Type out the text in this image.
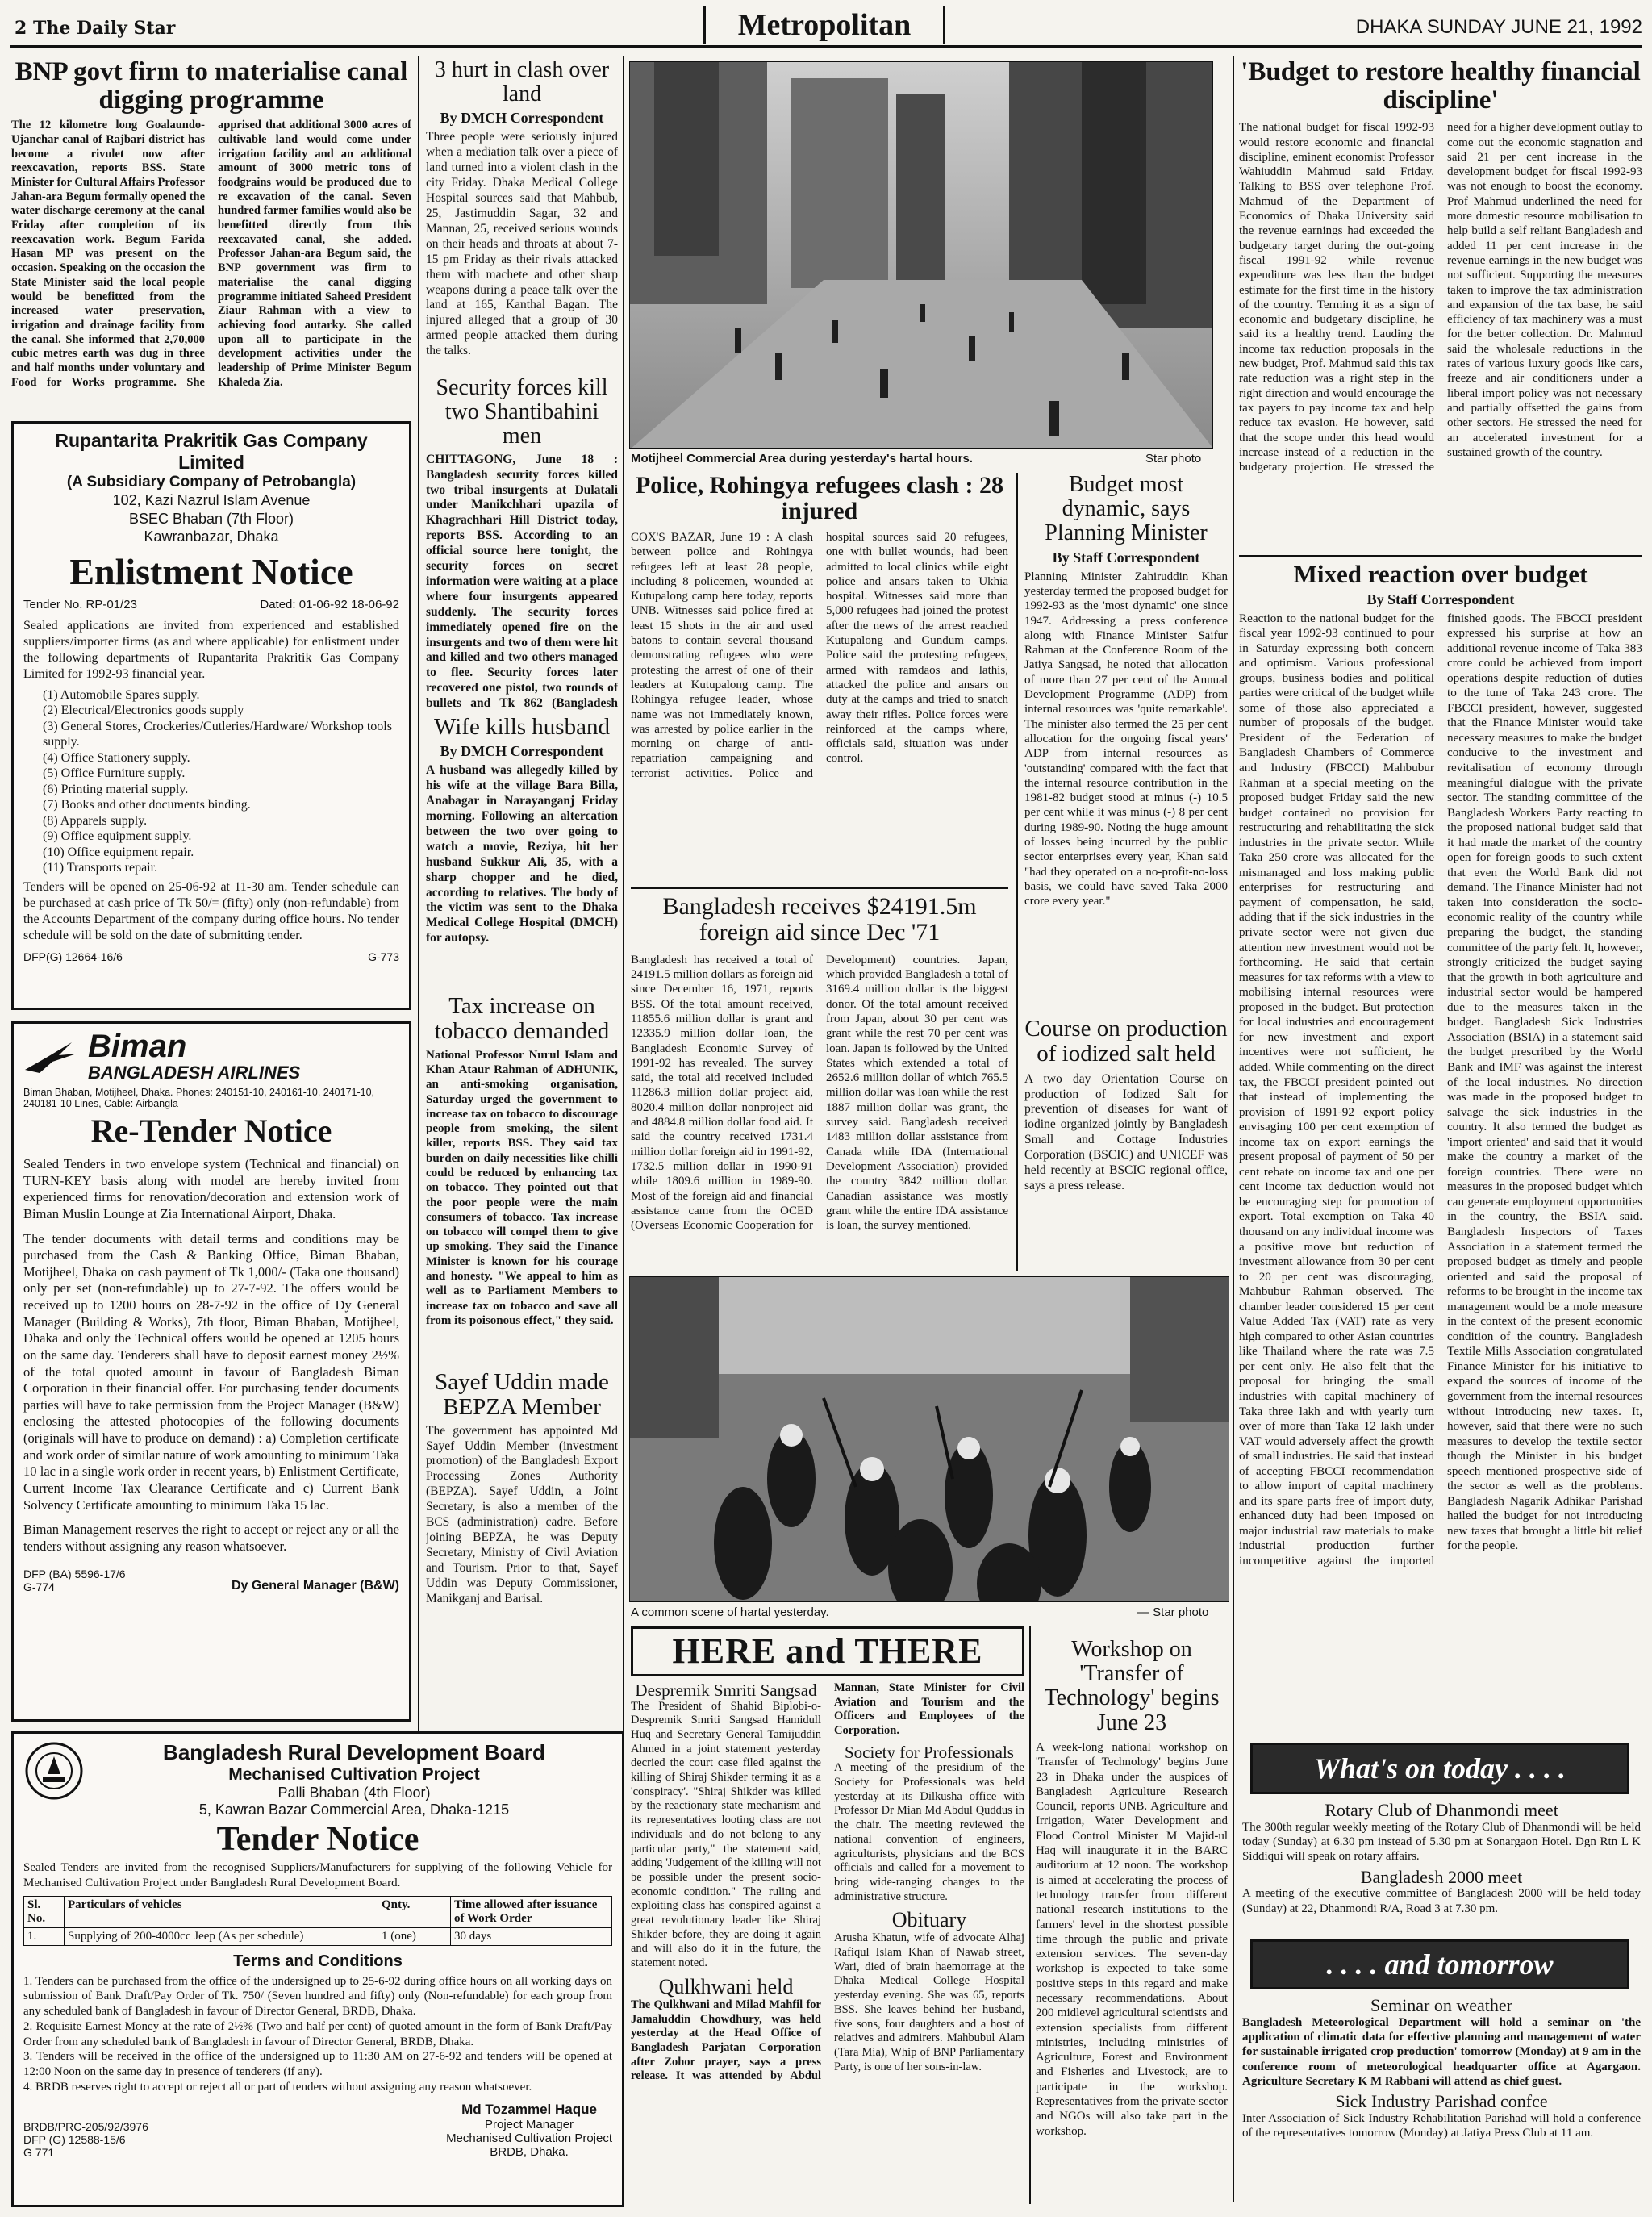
2 The Daily Star	Metropolitan	DHAKA SUNDAY JUNE 21, 1992
BNP govt firm to materialise canal digging programme
The 12 kilometre long Goalaundo-Ujanchar canal of Rajbari district has become a rivulet now after reexcavation, reports BSS. State Minister for Cultural Affairs Professor Jahan-ara Begum formally opened the water discharge ceremony at the canal Friday after completion of its reexcavation work. Begum Farida Hasan MP was present on the occasion. Speaking on the occasion the State Minister said the local people would be benefitted from the increased water preservation, irrigation and drainage facility from the canal. She informed that 2,70,000 cubic metres earth was dug in three and half months under voluntary and Food for Works programme. She apprised that additional 3000 acres of cultivable land would come under irrigation facility and an additional amount of 3000 metric tons of foodgrains would be produced due to re excavation of the canal. Seven hundred farmer families would also be benefitted directly from this reexcavated canal, she added. Professor Jahan-ara Begum said, the BNP government was firm to materialise the canal digging programme initiated Saheed President Ziaur Rahman with a view to achieving food autarky. She called upon all to participate in the development activities under the leadership of Prime Minister Begum Khaleda Zia.
Rupantarita Prakritik Gas Company Limited
(A Subsidiary Company of Petrobangla)
102, Kazi Nazrul Islam Avenue
BSEC Bhaban (7th Floor)
Kawranbazar, Dhaka
Enlistment Notice
Tender No. RP-01/23	Dated: 01-06-92 18-06-92
Sealed applications are invited from experienced and established suppliers/importer firms (as and where applicable) for enlistment under the following departments of Rupantarita Prakritik Gas Company Limited for 1992-93 financial year.
(1) Automobile Spares supply.
(2) Electrical/Electronics goods supply
(3) General Stores, Crockeries/Cutleries/Hardware/ Workshop tools supply.
(4) Office Stationery supply.
(5) Office Furniture supply.
(6) Printing material supply.
(7) Books and other documents binding.
(8) Apparels supply.
(9) Office equipment supply.
(10) Office equipment repair.
(11) Transports repair.
Tenders will be opened on 25-06-92 at 11-30 am. Tender schedule can be purchased at cash price of Tk 50/= (fifty) only (non-refundable) from the Accounts Department of the company during office hours. No tender schedule will be sold on the date of submitting tender.
DFP(G) 12664-16/6	G-773
Biman
BANGLADESH AIRLINES
Biman Bhaban, Motijheel, Dhaka. Phones: 240151-10, 240161-10, 240171-10, 240181-10 Lines, Cable: Airbangla
Re-Tender Notice
Sealed Tenders in two envelope system (Technical and financial) on TURN-KEY basis along with model are hereby invited from experienced firms for renovation/decoration and extension work of Biman Muslin Lounge at Zia International Airport, Dhaka.
The tender documents with detail terms and conditions may be purchased from the Cash & Banking Office, Biman Bhaban, Motijheel, Dhaka on cash payment of Tk 1,000/- (Taka one thousand) only per set (non-refundable) up to 27-7-92. The offers would be received up to 1200 hours on 28-7-92 in the office of Dy General Manager (Building & Works), 7th floor, Biman Bhaban, Motijheel, Dhaka and only the Technical offers would be opened at 1205 hours on the same day. Tenderers shall have to deposit earnest money 2½% of the total quoted amount in favour of Bangladesh Biman Corporation in their financial offer. For purchasing tender documents parties will have to take permission from the Project Manager (B&W) enclosing the attested photocopies of the following documents (originals will have to produce on demand) : a) Completion certificate and work order of similar nature of work amounting to minimum Taka 10 lac in a single work order in recent years, b) Enlistment Certificate, Current Income Tax Clearance Certificate and c) Current Bank Solvency Certificate amounting to minimum Taka 15 lac.
Biman Management reserves the right to accept or reject any or all the tenders without assigning any reason whatsoever.
DFP (BA) 5596-17/6
G-774	Dy General Manager (B&W)
Bangladesh Rural Development Board
Mechanised Cultivation Project
Palli Bhaban (4th Floor)
5, Kawran Bazar Commercial Area, Dhaka-1215
Tender Notice
Sealed Tenders are invited from the recognised Suppliers/Manufacturers for supplying of the following Vehicle for Mechanised Cultivation Project under Bangladesh Rural Development Board.
Sl. No.	Particulars of vehicles	Qnty.	Time allowed after issuance of Work Order
1.	Supplying of 200-4000cc Jeep (As per schedule)	1 (one)	30 days
Terms and Conditions
1. Tenders can be purchased from the office of the undersigned up to 25-6-92 during office hours on all working days on submission of Bank Draft/Pay Order of Tk. 750/ (Seven hundred and fifty) only (Non-refundable) for each group from any scheduled bank of Bangladesh in favour of Director General, BRDB, Dhaka.
2. Requisite Earnest Money at the rate of 2½% (Two and half per cent) of quoted amount in the form of Bank Draft/Pay Order from any scheduled bank of Bangladesh in favour of Director General, BRDB, Dhaka.
3. Tenders will be received in the office of the undersigned up to 11:30 AM on 27-6-92 and tenders will be opened at 12:00 Noon on the same day in presence of tenderers (if any).
4. BRDB reserves right to accept or reject all or part of tenders without assigning any reason whatsoever.
BRDB/PRC-205/92/3976
DFP (G) 12588-15/6
G 771
Md Tozammel Haque
Project Manager
Mechanised Cultivation Project
BRDB, Dhaka.
3 hurt in clash over land
By DMCH Correspondent
Three people were seriously injured when a mediation talk over a piece of land turned into a violent clash in the city Friday. Dhaka Medical College Hospital sources said that Mahbub, 25, Jastimuddin Sagar, 32 and Mannan, 25, received serious wounds on their heads and throats at about 7-15 pm Friday as their rivals attacked them with machete and other sharp weapons during a peace talk over the land at 165, Kanthal Bagan. The injured alleged that a group of 30 armed people attacked them during the talks.
Security forces kill two Shantibahini men
CHITTAGONG, June 18 : Bangladesh security forces killed two tribal insurgents at Dulatali under Manikchhari upazila of Khagrachhari Hill District today, reports BSS. According to an official source here tonight, the security forces on secret information were waiting at a place where four insurgents appeared suddenly. The security forces immediately opened fire on the insurgents and two of them were hit and killed and two others managed to flee. Security forces later recovered one pistol, two rounds of bullets and Tk 862 (Bangladesh
Wife kills husband
By DMCH Correspondent
A husband was allegedly killed by his wife at the village Bara Billa, Anabagar in Narayanganj Friday morning. Following an altercation between the two over going to watch a movie, Reziya, hit her husband Sukkur Ali, 35, with a sharp chopper and he died, according to relatives. The body of the victim was sent to the Dhaka Medical College Hospital (DMCH) for autopsy.
Tax increase on tobacco demanded
National Professor Nurul Islam and Khan Ataur Rahman of ADHUNIK, an anti-smoking organisation, Saturday urged the government to increase tax on tobacco to discourage people from smoking, the silent killer, reports BSS. They said tax burden on daily necessities like chilli could be reduced by enhancing tax on tobacco. They pointed out that the poor people were the main consumers of tobacco. Tax increase on tobacco will compel them to give up smoking. They said the Finance Minister is known for his courage and honesty. "We appeal to him as well as to Parliament Members to increase tax on tobacco and save all from its poisonous effect," they said.
Sayef Uddin made BEPZA Member
The government has appointed Md Sayef Uddin Member (investment promotion) of the Bangladesh Export Processing Zones Authority (BEPZA). Sayef Uddin, a Joint Secretary, is also a member of the BCS (administration) cadre. Before joining BEPZA, he was Deputy Secretary, Ministry of Civil Aviation and Tourism. Prior to that, Sayef Uddin was Deputy Commissioner, Manikganj and Barisal.
Motijheel Commercial Area during yesterday's hartal hours.	Star photo
Police, Rohingya refugees clash : 28 injured
COX'S BAZAR, June 19 : A clash between police and Rohingya refugees left at least 28 people, including 8 policemen, wounded at Kutupalong camp here today, reports UNB. Witnesses said police fired at least 15 shots in the air and used batons to contain several thousand demonstrating refugees who were protesting the arrest of one of their leaders at Kutupalong camp. The Rohingya refugee leader, whose name was not immediately known, was arrested by police earlier in the morning on charge of anti-repatriation campaigning and terrorist activities. Police and hospital sources said 20 refugees, one with bullet wounds, had been admitted to local clinics while eight police and ansars taken to Ukhia hospital. Witnesses said more than 5,000 refugees had joined the protest after the news of the arrest reached Kutupalong and Gundum camps. Police said the protesting refugees, armed with ramdaos and lathis, attacked the police and ansars on duty at the camps and tried to snatch away their rifles. Police forces were reinforced at the camps where, officials said, situation was under control.
Bangladesh receives $24191.5m foreign aid since Dec '71
Bangladesh has received a total of 24191.5 million dollars as foreign aid since December 16, 1971, reports BSS. Of the total amount received, 11855.6 million dollar is grant and 12335.9 million dollar loan, the Bangladesh Economic Survey of 1991-92 has revealed. The survey said, the total aid received included 11286.3 million dollar project aid, 8020.4 million dollar nonproject aid and 4884.8 million dollar food aid. It said the country received 1731.4 million dollar foreign aid in 1991-92, 1732.5 million dollar in 1990-91 while 1809.6 million in 1989-90. Most of the foreign aid and financial assistance came from the OCED (Overseas Economic Cooperation for Development) countries. Japan, which provided Bangladesh a total of 3169.4 million dollar is the biggest donor. Of the total amount received from Japan, about 30 per cent was grant while the rest 70 per cent was loan. Japan is followed by the United States which extended a total of 2652.6 million dollar of which 765.5 million dollar was loan while the rest 1887 million dollar was grant, the survey said. Bangladesh received 1483 million dollar assistance from Canada while IDA (International Development Association) provided the country 3842 million dollar. Canadian assistance was mostly grant while the entire IDA assistance is loan, the survey mentioned.
Budget most dynamic, says Planning Minister
By Staff Correspondent
Planning Minister Zahiruddin Khan yesterday termed the proposed budget for 1992-93 as the 'most dynamic' one since 1947. Addressing a press conference along with Finance Minister Saifur Rahman at the Conference Room of the Jatiya Sangsad, he noted that allocation of more than 27 per cent of the Annual Development Programme (ADP) from internal resources was 'quite remarkable'. The minister also termed the 25 per cent allocation for the ongoing fiscal years' ADP from internal resources as 'outstanding' compared with the fact that the internal resource contribution in the 1981-82 budget stood at minus (-) 10.5 per cent while it was minus (-) 8 per cent during 1989-90. Noting the huge amount of losses being incurred by the public sector enterprises every year, Khan said "had they operated on a no-profit-no-loss basis, we could have saved Taka 2000 crore every year."
Course on production of iodized salt held
A two day Orientation Course on production of Iodized Salt for prevention of diseases for want of iodine organized jointly by Bangladesh Small and Cottage Industries Corporation (BSCIC) and UNICEF was held recently at BSCIC regional office, says a press release.
A common scene of hartal yesterday.	— Star photo
HERE and THERE
Despremik Smriti Sangsad
The President of Shahid Biplobi-o-Despremik Smriti Sangsad Hamidull Huq and Secretary General Tamijuddin Ahmed in a joint statement yesterday decried the court case filed against the killing of Shiraj Shikder terming it as a 'conspiracy'. "Shiraj Shikder was killed by the reactionary state mechanism and its representatives looting class are not individuals and do not belong to any particular party," the statement said, adding 'Judgement of the killing will not be possible under the present socio-economic condition." The ruling and exploiting class has conspired against a great revolutionary leader like Shiraj Shikder before, they are doing it again and will also do it in the future, the statement noted.
Qulkhwani held
The Qulkhwani and Milad Mahfil for Jamaluddin Chowdhury, was held yesterday at the Head Office of Bangladesh Parjatan Corporation after Zohor prayer, says a press release. It was attended by Abdul Mannan, State Minister for Civil Aviation and Tourism and the Officers and Employees of the Corporation.
Society for Professionals
A meeting of the presidium of the Society for Professionals was held yesterday at its Dilkusha office with Professor Dr Mian Md Abdul Quddus in the chair. The meeting reviewed the national convention of engineers, agriculturists, physicians and the BCS officials and called for a movement to bring wide-ranging changes to the administrative structure.
Obituary
Arusha Khatun, wife of advocate Alhaj Rafiqul Islam Khan of Nawab street, Wari, died of brain haemorrage at the Dhaka Medical College Hospital yesterday evening. She was 65, reports BSS. She leaves behind her husband, five sons, four daughters and a host of relatives and admirers. Mahbubul Alam (Tara Mia), Whip of BNP Parliamentary Party, is one of her sons-in-law.
Workshop on 'Transfer of Technology' begins June 23
A week-long national workshop on 'Transfer of Technology' begins June 23 in Dhaka under the auspices of Bangladesh Agriculture Research Council, reports UNB. Agriculture and Irrigation, Water Development and Flood Control Minister M Majid-ul Haq will inaugurate it in the BARC auditorium at 12 noon. The workshop is aimed at accelerating the process of technology transfer from different national research institutions to the farmers' level in the shortest possible time through the public and private extension services. The seven-day workshop is expected to take some positive steps in this regard and make necessary recommendations. About 200 midlevel agricultural scientists and extension specialists from different ministries, including ministries of Agriculture, Forest and Environment and Fisheries and Livestock, are to participate in the workshop. Representatives from the private sector and NGOs will also take part in the workshop.
'Budget to restore healthy financial discipline'
The national budget for fiscal 1992-93 would restore economic and financial discipline, eminent economist Professor Wahiuddin Mahmud said Friday. Talking to BSS over telephone Prof. Mahmud of the Department of Economics of Dhaka University said the revenue earnings had exceeded the budgetary target during the out-going fiscal 1991-92 while revenue expenditure was less than the budget estimate for the first time in the history of the country. Terming it as a sign of economic and budgetary discipline, he said its a healthy trend. Lauding the income tax reduction proposals in the new budget, Prof. Mahmud said this tax rate reduction was a right step in the right direction and would encourage the tax payers to pay income tax and help reduce tax evasion. He however, said that the scope under this head would increase instead of a reduction in the budgetary projection. He stressed the need for a higher development outlay to come out the economic stagnation and said 21 per cent increase in the development budget for fiscal 1992-93 was not enough to boost the economy. Prof Mahmud underlined the need for more domestic resource mobilisation to help build a self reliant Bangladesh and added 11 per cent increase in the revenue earnings in the new budget was not sufficient. Supporting the measures taken to improve the tax administration and expansion of the tax base, he said efficiency of tax machinery was a must for the better collection. Dr. Mahmud said the wholesale reductions in the rates of various luxury goods like cars, freeze and air conditioners under a liberal import policy was not necessary and partially offsetted the gains from other sectors. He stressed the need for an accelerated investment for a sustained growth of the country.
Mixed reaction over budget
By Staff Correspondent
Reaction to the national budget for the fiscal year 1992-93 continued to pour in Saturday expressing both concern and optimism. Various professional groups, business bodies and political parties were critical of the budget while some of those also appreciated a number of proposals of the budget. President of the Federation of Bangladesh Chambers of Commerce and Industry (FBCCI) Mahbubur Rahman at a special meeting on the proposed budget Friday said the new budget contained no provision for restructuring and rehabilitating the sick industries in the private sector. While Taka 250 crore was allocated for the mismanaged and loss making public enterprises for restructuring and payment of compensation, he said, adding that if the sick industries in the private sector were not given due attention new investment would not be forthcoming. He said that certain measures for tax reforms with a view to mobilising internal resources were proposed in the budget. But protection for local industries and encouragement for new investment and export incentives were not sufficient, he added. While commenting on the direct tax, the FBCCI president pointed out that instead of implementing the provision of 1991-92 export policy envisaging 100 per cent exemption of income tax on export earnings the present proposal of payment of 50 per cent rebate on income tax and one per cent income tax deduction would not be encouraging step for promotion of export. Total exemption on Taka 40 thousand on any individual income was a positive move but reduction of investment allowance from 30 per cent to 20 per cent was discouraging, Mahbubur Rahman observed. The chamber leader considered 15 per cent Value Added Tax (VAT) rate as very high compared to other Asian countries like Thailand where the rate was 7.5 per cent only. He also felt that the proposal for bringing the small industries with capital machinery of Taka three lakh and with yearly turn over of more than Taka 12 lakh under VAT would adversely affect the growth of small industries. He said that instead of accepting FBCCI recommendation to allow import of capital machinery and its spare parts free of import duty, enhanced duty had been imposed on major industrial raw materials to make industrial production further incompetitive against the imported finished goods. The FBCCI president expressed his surprise at how an additional revenue income of Taka 383 crore could be achieved from import operations despite reduction of duties to the tune of Taka 243 crore. The FBCCI president, however, suggested that the Finance Minister would take necessary measures to make the budget conducive to the investment and revitalisation of economy through meaningful dialogue with the private sector. The standing committee of the Bangladesh Workers Party reacting to the proposed national budget said that it had made the market of the country open for foreign goods to such extent that even the World Bank did not demand. The Finance Minister had not taken into consideration the socio-economic reality of the country while preparing the budget, the standing committee of the party felt. It, however, strongly criticized the budget saying that the growth in both agriculture and industrial sector would be hampered due to the measures taken in the budget. Bangladesh Sick Industries Association (BSIA) in a statement said the budget prescribed by the World Bank and IMF was against the interest of the local industries. No direction was made in the proposed budget to salvage the sick industries in the country. It also termed the budget as 'import oriented' and said that it would make the country a market of the foreign countries. There were no measures in the proposed budget which can generate employment opportunities in the country, the BSIA said. Bangladesh Inspectors of Taxes Association in a statement termed the proposed budget as timely and people oriented and said the proposal of reforms to be brought in the income tax management would be a mole measure in the context of the present economic condition of the country. Bangladesh Textile Mills Association congratulated Finance Minister for his initiative to expand the sources of income of the government from the internal resources without introducing new taxes. It, however, said that there were no such measures to develop the textile sector though the Minister in his budget speech mentioned prospective side of the sector as well as the problems. Bangladesh Nagarik Adhikar Parishad hailed the budget for not introducing new taxes that brought a little bit relief for the people.
What's on today . . . .
Rotary Club of Dhanmondi meet
The 300th regular weekly meeting of the Rotary Club of Dhanmondi will be held today (Sunday) at 6.30 pm instead of 5.30 pm at Sonargaon Hotel. Dgn Rtn L K Siddiqui will speak on rotary affairs.
Bangladesh 2000 meet
A meeting of the executive committee of Bangladesh 2000 will be held today (Sunday) at 22, Dhanmondi R/A, Road 3 at 7.30 pm.
. . . . and tomorrow
Seminar on weather
Bangladesh Meteorological Department will hold a seminar on 'the application of climatic data for effective planning and management of water for sustainable irrigated crop production' tomorrow (Monday) at 9 am in the conference room of meteorological headquarter office at Agargaon. Agriculture Secretary K M Rabbani will attend as chief guest.
Sick Industry Parishad confce
Inter Association of Sick Industry Rehabilitation Parishad will hold a conference of the representatives tomorrow (Monday) at Jatiya Press Club at 11 am.
